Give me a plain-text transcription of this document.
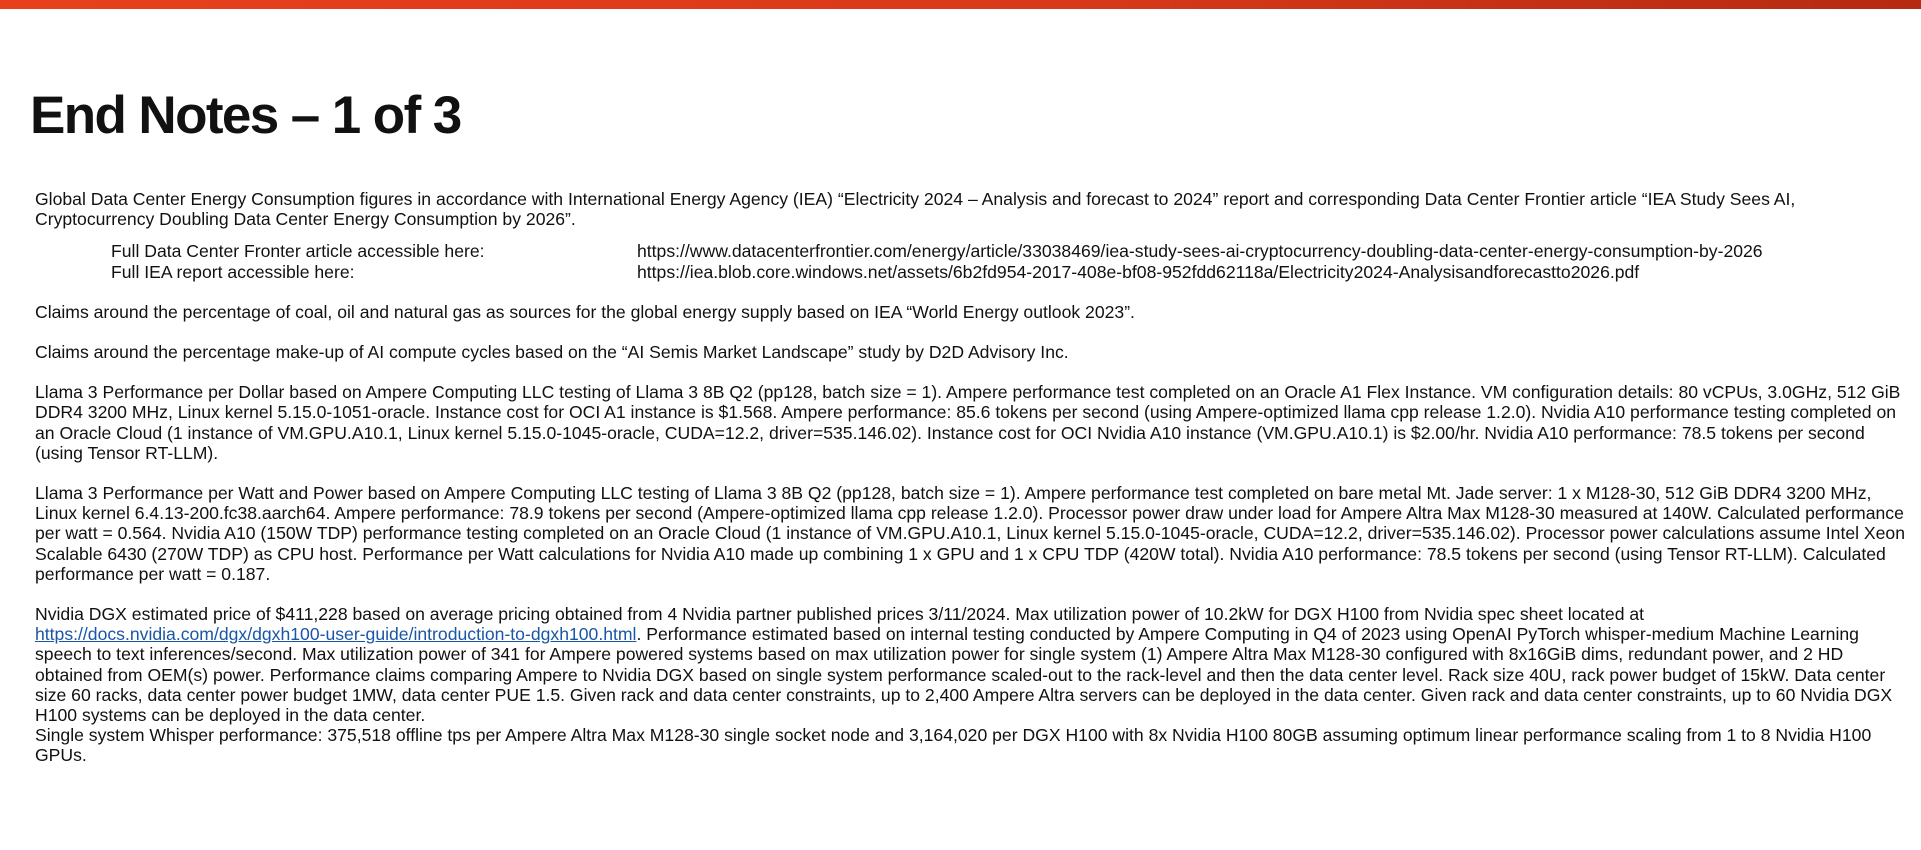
End Notes – 1 of 3

Global Data Center Energy Consumption figures in accordance with International Energy Agency (IEA) “Electricity 2024 – Analysis and forecast to 2024” report and corresponding Data Center Frontier article “IEA Study Sees AI, Cryptocurrency Doubling Data Center Energy Consumption by 2026”.

Full Data Center Fronter article accessible here:	https://www.datacenterfrontier.com/energy/article/33038469/iea-study-sees-ai-cryptocurrency-doubling-data-center-energy-consumption-by-2026
Full IEA report accessible here:	https://iea.blob.core.windows.net/assets/6b2fd954-2017-408e-bf08-952fdd62118a/Electricity2024-Analysisandforecastto2026.pdf

Claims around the percentage of coal, oil and natural gas as sources for the global energy supply based on IEA “World Energy outlook 2023”.

Claims around the percentage make-up of AI compute cycles based on the “AI Semis Market Landscape” study by D2D Advisory Inc.

Llama 3 Performance per Dollar based on Ampere Computing LLC testing of Llama 3 8B Q2 (pp128, batch size = 1). Ampere performance test completed on an Oracle A1 Flex Instance. VM configuration details: 80 vCPUs, 3.0GHz, 512 GiB DDR4 3200 MHz, Linux kernel 5.15.0-1051-oracle. Instance cost for OCI A1 instance is $1.568. Ampere performance: 85.6 tokens per second (using Ampere-optimized llama cpp release 1.2.0). Nvidia A10 performance testing completed on an Oracle Cloud (1 instance of VM.GPU.A10.1, Linux kernel 5.15.0-1045-oracle, CUDA=12.2, driver=535.146.02). Instance cost for OCI Nvidia A10 instance (VM.GPU.A10.1) is $2.00/hr. Nvidia A10 performance: 78.5 tokens per second (using Tensor RT-LLM).

Llama 3 Performance per Watt and Power based on Ampere Computing LLC testing of Llama 3 8B Q2 (pp128, batch size = 1). Ampere performance test completed on bare metal Mt. Jade server: 1 x M128-30, 512 GiB DDR4 3200 MHz, Linux kernel 6.4.13-200.fc38.aarch64. Ampere performance: 78.9 tokens per second (Ampere-optimized llama cpp release 1.2.0). Processor power draw under load for Ampere Altra Max M128-30 measured at 140W. Calculated performance per watt = 0.564. Nvidia A10 (150W TDP) performance testing completed on an Oracle Cloud (1 instance of VM.GPU.A10.1, Linux kernel 5.15.0-1045-oracle, CUDA=12.2, driver=535.146.02). Processor power calculations assume Intel Xeon Scalable 6430 (270W TDP) as CPU host. Performance per Watt calculations for Nvidia A10 made up combining 1 x GPU and 1 x CPU TDP (420W total). Nvidia A10 performance: 78.5 tokens per second (using Tensor RT-LLM). Calculated performance per watt = 0.187.

Nvidia DGX estimated price of $411,228 based on average pricing obtained from 4 Nvidia partner published prices 3/11/2024. Max utilization power of 10.2kW for DGX H100 from Nvidia spec sheet located at https://docs.nvidia.com/dgx/dgxh100-user-guide/introduction-to-dgxh100.html. Performance estimated based on internal testing conducted by Ampere Computing in Q4 of 2023 using OpenAI PyTorch whisper-medium Machine Learning speech to text inferences/second. Max utilization power of 341 for Ampere powered systems based on max utilization power for single system (1) Ampere Altra Max M128-30 configured with 8x16GiB dims, redundant power, and 2 HD obtained from OEM(s) power. Performance claims comparing Ampere to Nvidia DGX based on single system performance scaled-out to the rack-level and then the data center level. Rack size 40U, rack power budget of 15kW. Data center size 60 racks, data center power budget 1MW, data center PUE 1.5. Given rack and data center constraints, up to 2,400 Ampere Altra servers can be deployed in the data center. Given rack and data center constraints, up to 60 Nvidia DGX H100 systems can be deployed in the data center.

Single system Whisper performance: 375,518 offline tps per Ampere Altra Max M128-30 single socket node and 3,164,020 per DGX H100 with 8x Nvidia H100 80GB assuming optimum linear performance scaling from 1 to 8 Nvidia H100 GPUs.
